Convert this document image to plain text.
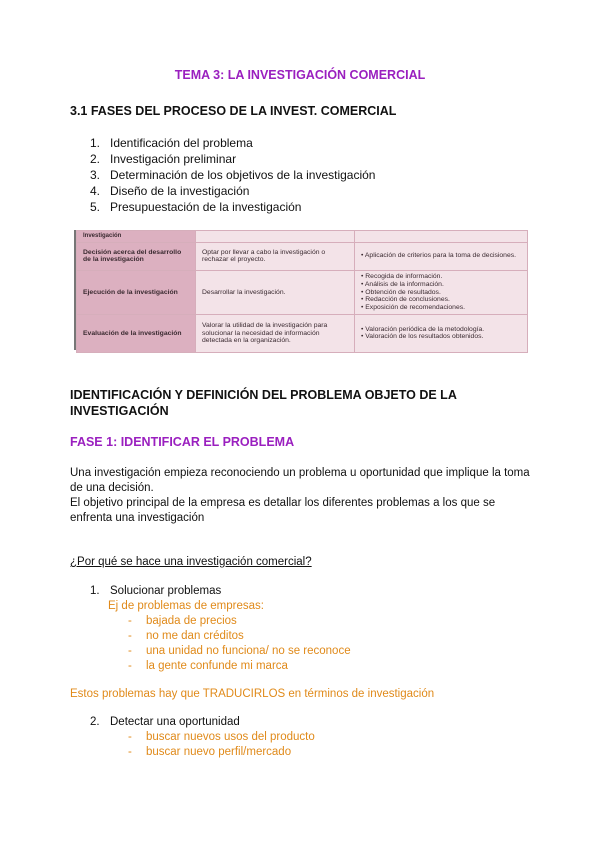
TEMA 3: LA INVESTIGACIÓN COMERCIAL
3.1 FASES DEL PROCESO DE LA INVEST. COMERCIAL
1. Identificación del problema
2. Investigación preliminar
3. Determinación de los objetivos de la investigación
4. Diseño de la investigación
5. Presupuestación de la investigación
Investigación		
Decisión acerca del desarrollo de la investigación	Optar por llevar a cabo la investigación o rechazar el proyecto.	• Aplicación de criterios para la toma de decisiones.

Ejecución de la investigación	Desarrollar la investigación.	• Recogida de información.
• Análisis de la información.
• Obtención de resultados.
• Redacción de conclusiones.
• Exposición de recomendaciones.

Evaluación de la investigación	Valorar la utilidad de la investigación para solucionar la necesidad de información detectada en la organización.	• Valoración periódica de la metodología.
• Valoración de los resultados obtenidos.
IDENTIFICACIÓN Y DEFINICIÓN DEL PROBLEMA OBJETO DE LA INVESTIGACIÓN
FASE 1: IDENTIFICAR EL PROBLEMA
Una investigación empieza reconociendo un problema u oportunidad que implique la toma de una decisión.
El objetivo principal de la empresa es detallar los diferentes problemas a los que se enfrenta una investigación
¿Por qué se hace una investigación comercial?
1. Solucionar problemas
Ej de problemas de empresas:
- bajada de precios
- no me dan créditos
- una unidad no funciona/ no se reconoce
- la gente confunde mi marca
Estos problemas hay que TRADUCIRLOS en términos de investigación
2. Detectar una oportunidad
- buscar nuevos usos del producto
- buscar nuevo perfil/mercado
